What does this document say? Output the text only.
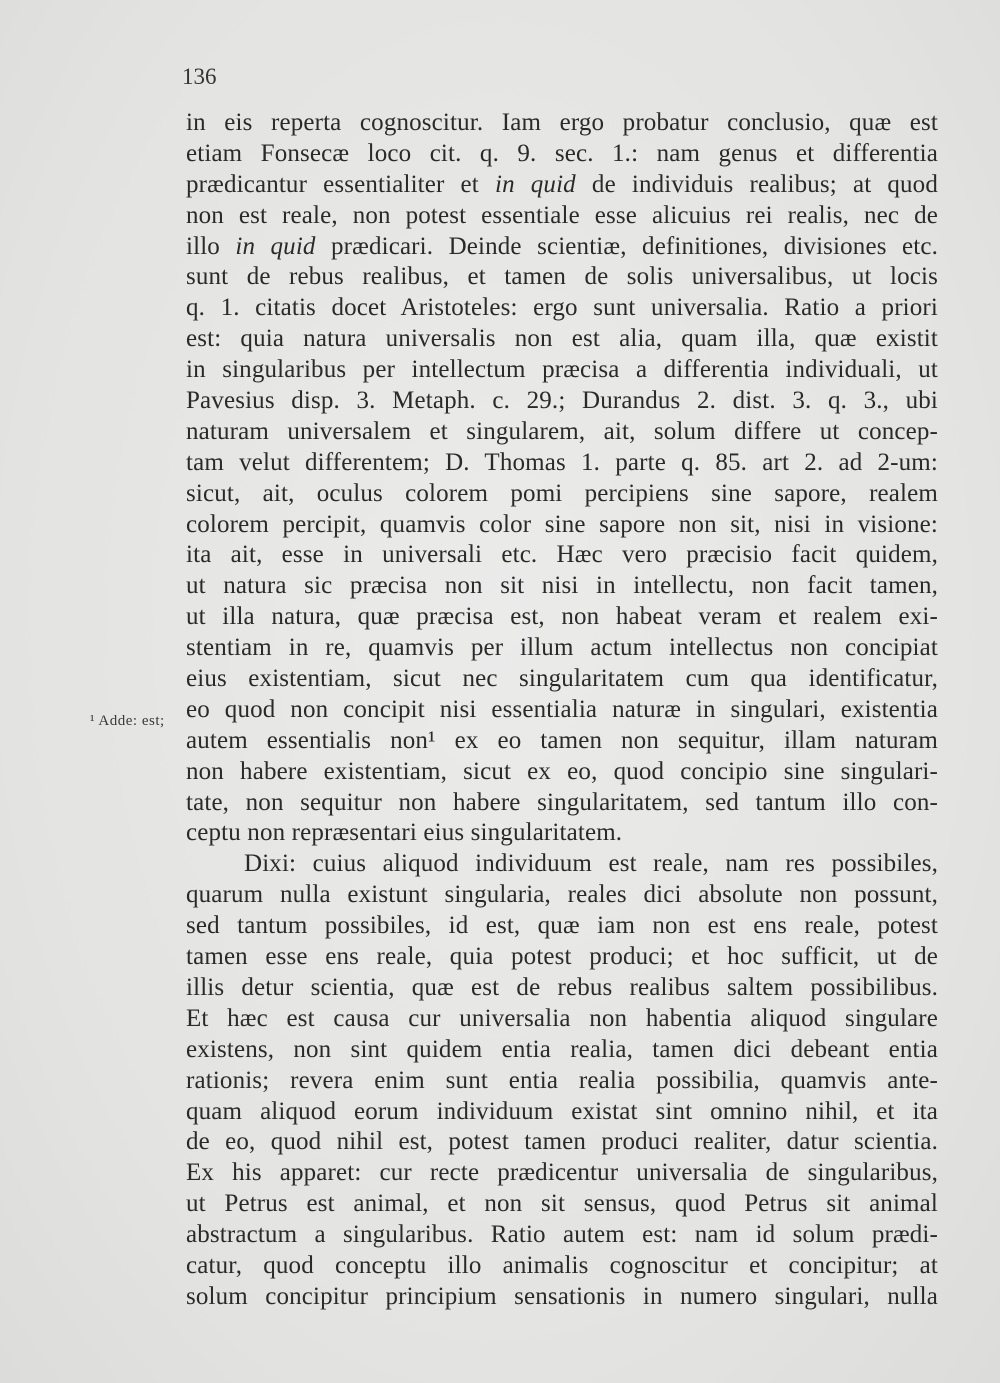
136
¹ Adde: est;
in eis reperta cognoscitur. Iam ergo probatur conclusio, quæ est
etiam Fonsecæ loco cit. q. 9. sec. 1.: nam genus et differentia
prædicantur essentialiter et in quid de individuis realibus; at quod
non est reale, non potest essentiale esse alicuius rei realis, nec de
illo in quid prædicari. Deinde scientiæ, definitiones, divisiones etc.
sunt de rebus realibus, et tamen de solis universalibus, ut locis
q. 1. citatis docet Aristoteles: ergo sunt universalia. Ratio a priori
est: quia natura universalis non est alia, quam illa, quæ existit
in singularibus per intellectum præcisa a differentia individuali, ut
Pavesius disp. 3. Metaph. c. 29.; Durandus 2. dist. 3. q. 3., ubi
naturam universalem et singularem, ait, solum differe ut concep-
tam velut differentem; D. Thomas 1. parte q. 85. art 2. ad 2-um:
sicut, ait, oculus colorem pomi percipiens sine sapore, realem
colorem percipit, quamvis color sine sapore non sit, nisi in visione:
ita ait, esse in universali etc. Hæc vero præcisio facit quidem,
ut natura sic præcisa non sit nisi in intellectu, non facit tamen,
ut illa natura, quæ præcisa est, non habeat veram et realem exi-
stentiam in re, quamvis per illum actum intellectus non concipiat
eius existentiam, sicut nec singularitatem cum qua identificatur,
eo quod non concipit nisi essentialia naturæ in singulari, existentia
autem essentialis non¹ ex eo tamen non sequitur, illam naturam
non habere existentiam, sicut ex eo, quod concipio sine singulari-
tate, non sequitur non habere singularitatem, sed tantum illo con-
ceptu non repræsentari eius singularitatem.
Dixi: cuius aliquod individuum est reale, nam res possibiles,
quarum nulla existunt singularia, reales dici absolute non possunt,
sed tantum possibiles, id est, quæ iam non est ens reale, potest
tamen esse ens reale, quia potest produci; et hoc sufficit, ut de
illis detur scientia, quæ est de rebus realibus saltem possibilibus.
Et hæc est causa cur universalia non habentia aliquod singulare
existens, non sint quidem entia realia, tamen dici debeant entia
rationis; revera enim sunt entia realia possibilia, quamvis ante-
quam aliquod eorum individuum existat sint omnino nihil, et ita
de eo, quod nihil est, potest tamen produci realiter, datur scientia.
Ex his apparet: cur recte prædicentur universalia de singularibus,
ut Petrus est animal, et non sit sensus, quod Petrus sit animal
abstractum a singularibus. Ratio autem est: nam id solum prædi-
catur, quod conceptu illo animalis cognoscitur et concipitur; at
solum concipitur principium sensationis in numero singulari, nulla
